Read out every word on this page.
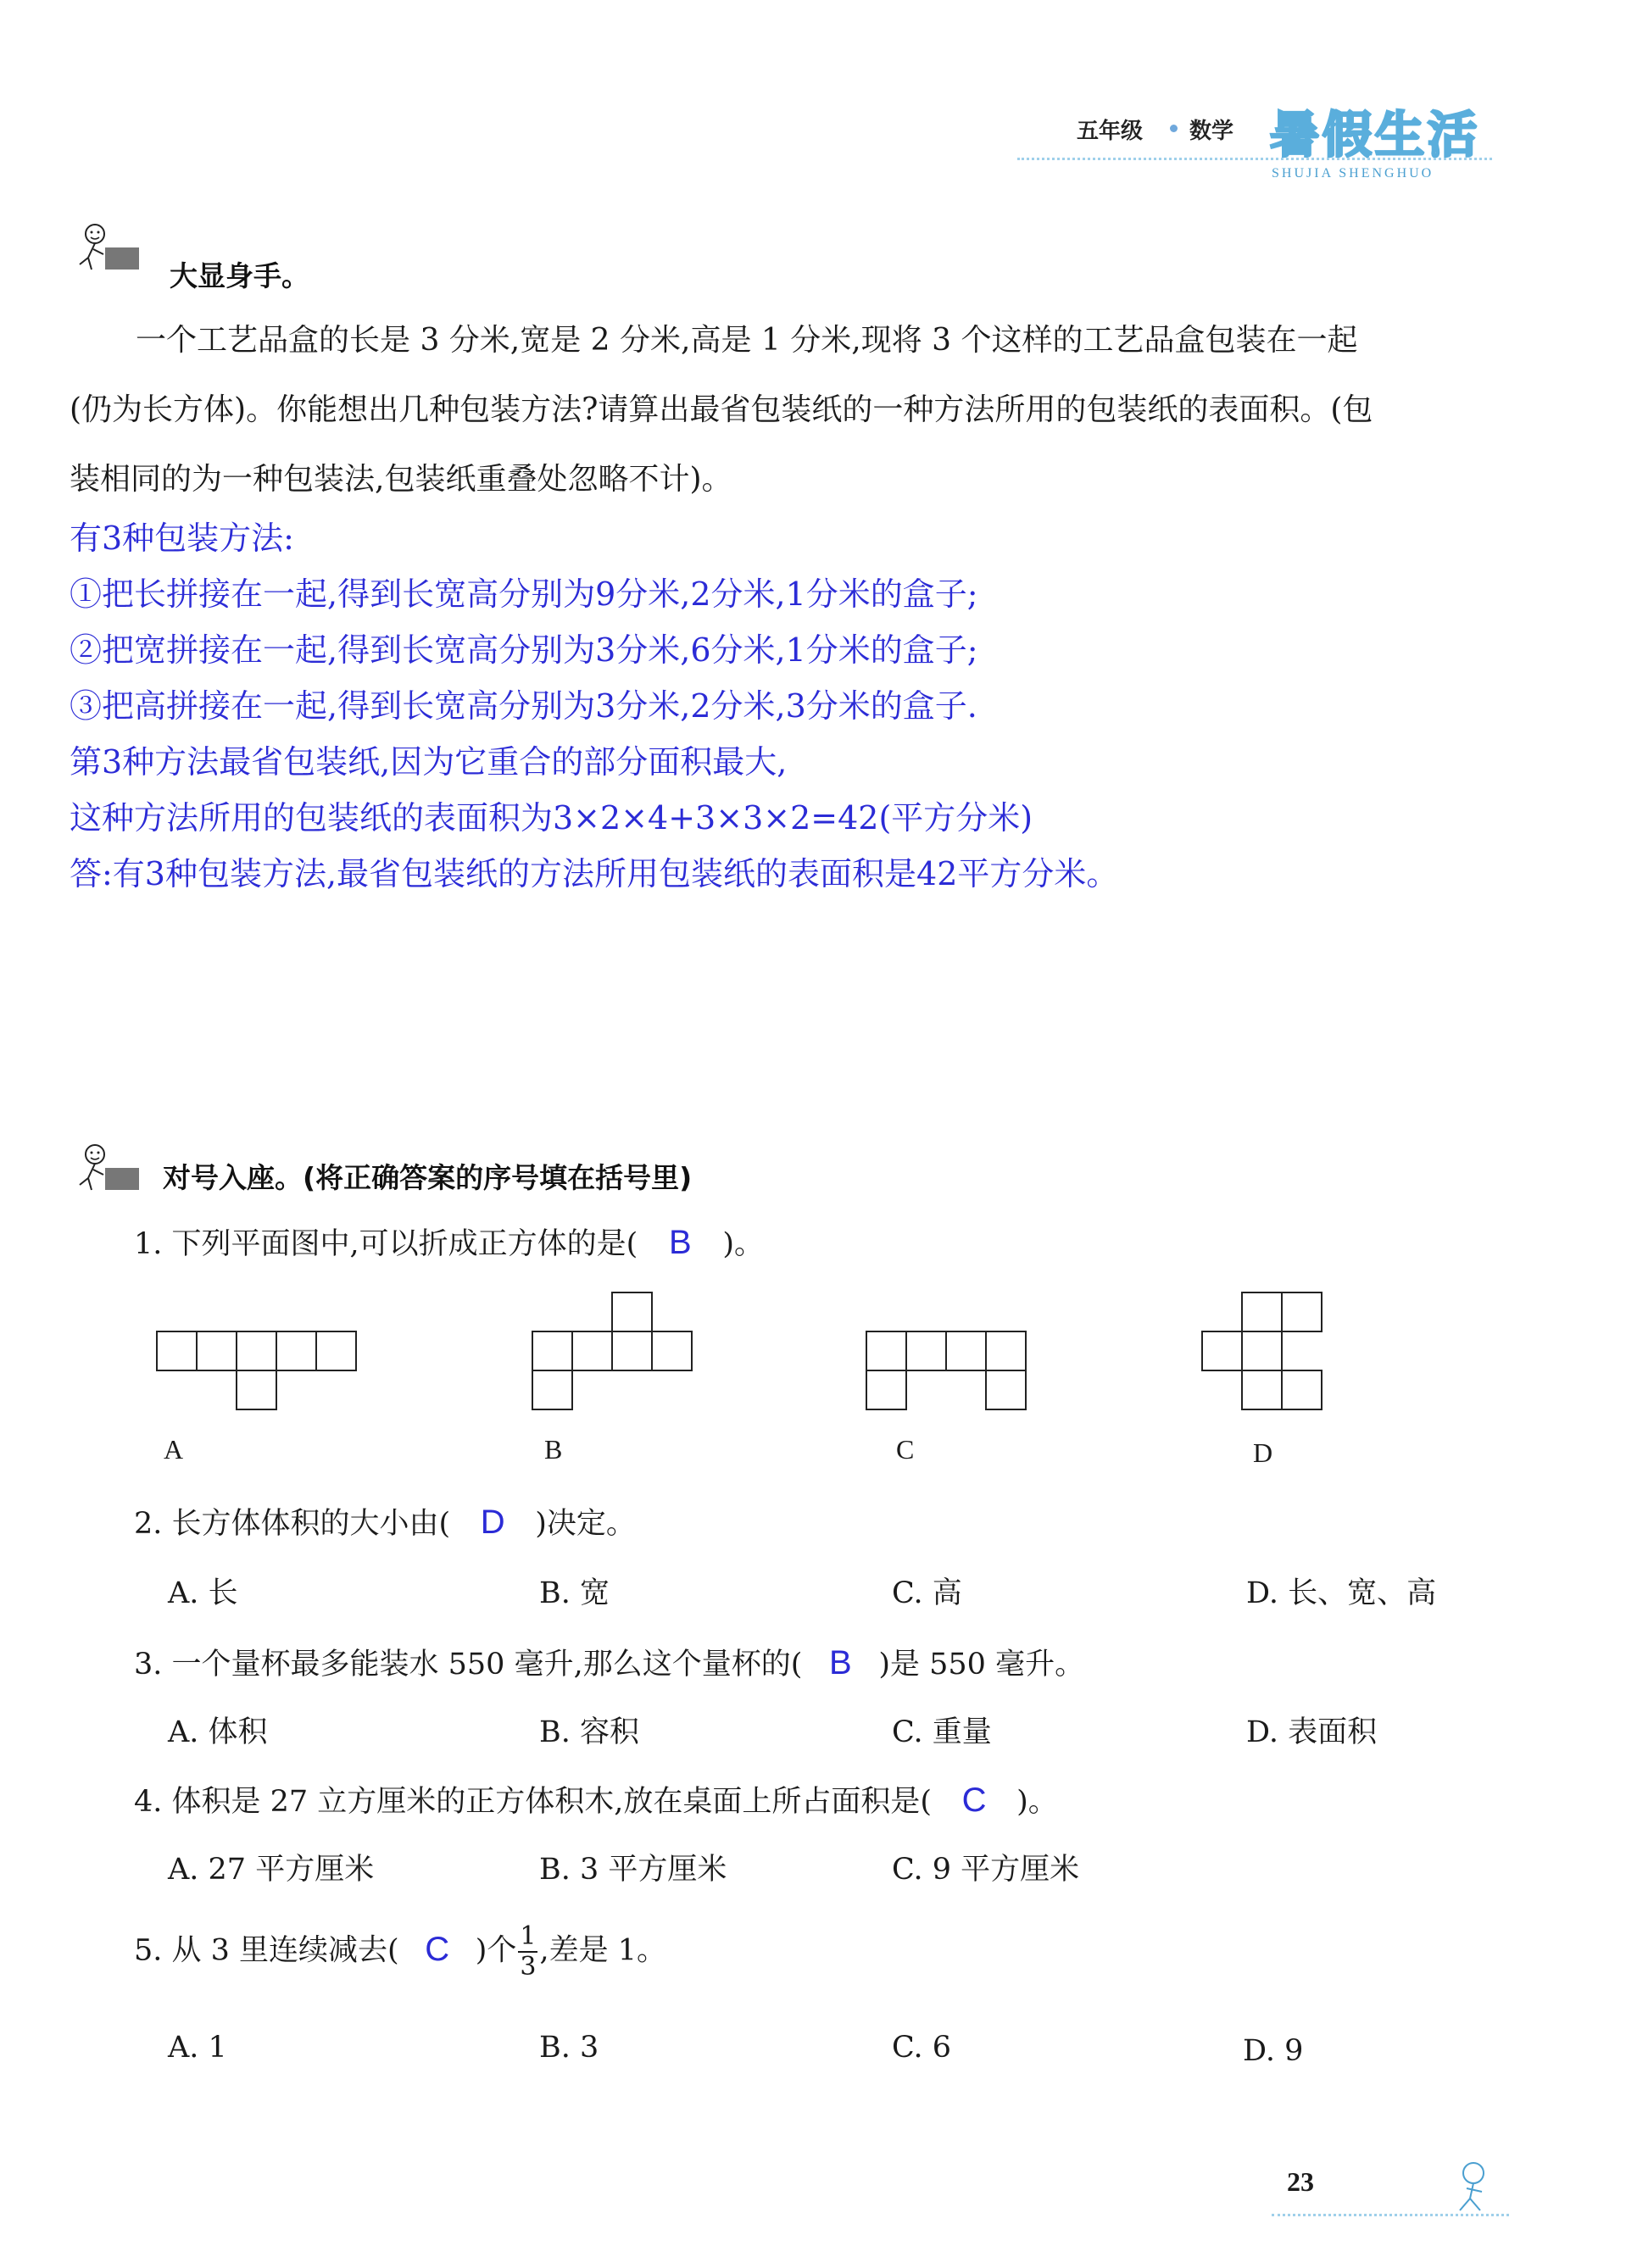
五年级 数学 暑假生活
SHUJIA SHENGHUO
大显身手。
一个工艺品盒的长是 3 分米,宽是 2 分米,高是 1 分米,现将 3 个这样的工艺品盒包装在一起
(仍为长方体)。你能想出几种包装方法?请算出最省包装纸的一种方法所用的包装纸的表面积。(包
装相同的为一种包装法,包装纸重叠处忽略不计)。
有3种包装方法:
①把长拼接在一起,得到长宽高分别为9分米,2分米,1分米的盒子;
②把宽拼接在一起,得到长宽高分别为3分米,6分米,1分米的盒子;
③把高拼接在一起,得到长宽高分别为3分米,2分米,3分米的盒子.
第3种方法最省包装纸,因为它重合的部分面积最大,
这种方法所用的包装纸的表面积为3×2×4+3×3×2=42(平方分米)
答:有3种包装方法,最省包装纸的方法所用包装纸的表面积是42平方分米。
对号入座。(将正确答案的序号填在括号里)
1. 下列平面图中,可以折成正方体的是( B )。
A	B	C	D
2. 长方体体积的大小由( D )决定。
A. 长	B. 宽	C. 高	D. 长、宽、高
3. 一个量杯最多能装水 550 毫升,那么这个量杯的( B )是 550 毫升。
A. 体积	B. 容积	C. 重量	D. 表面积
4. 体积是 27 立方厘米的正方体积木,放在桌面上所占面积是( C )。
A. 27 平方厘米	B. 3 平方厘米	C. 9 平方厘米
5. 从 3 里连续减去( C )个 $\frac{1}{3}$ ,差是 1。
A. 1	B. 3	C. 6	D. 9
23
